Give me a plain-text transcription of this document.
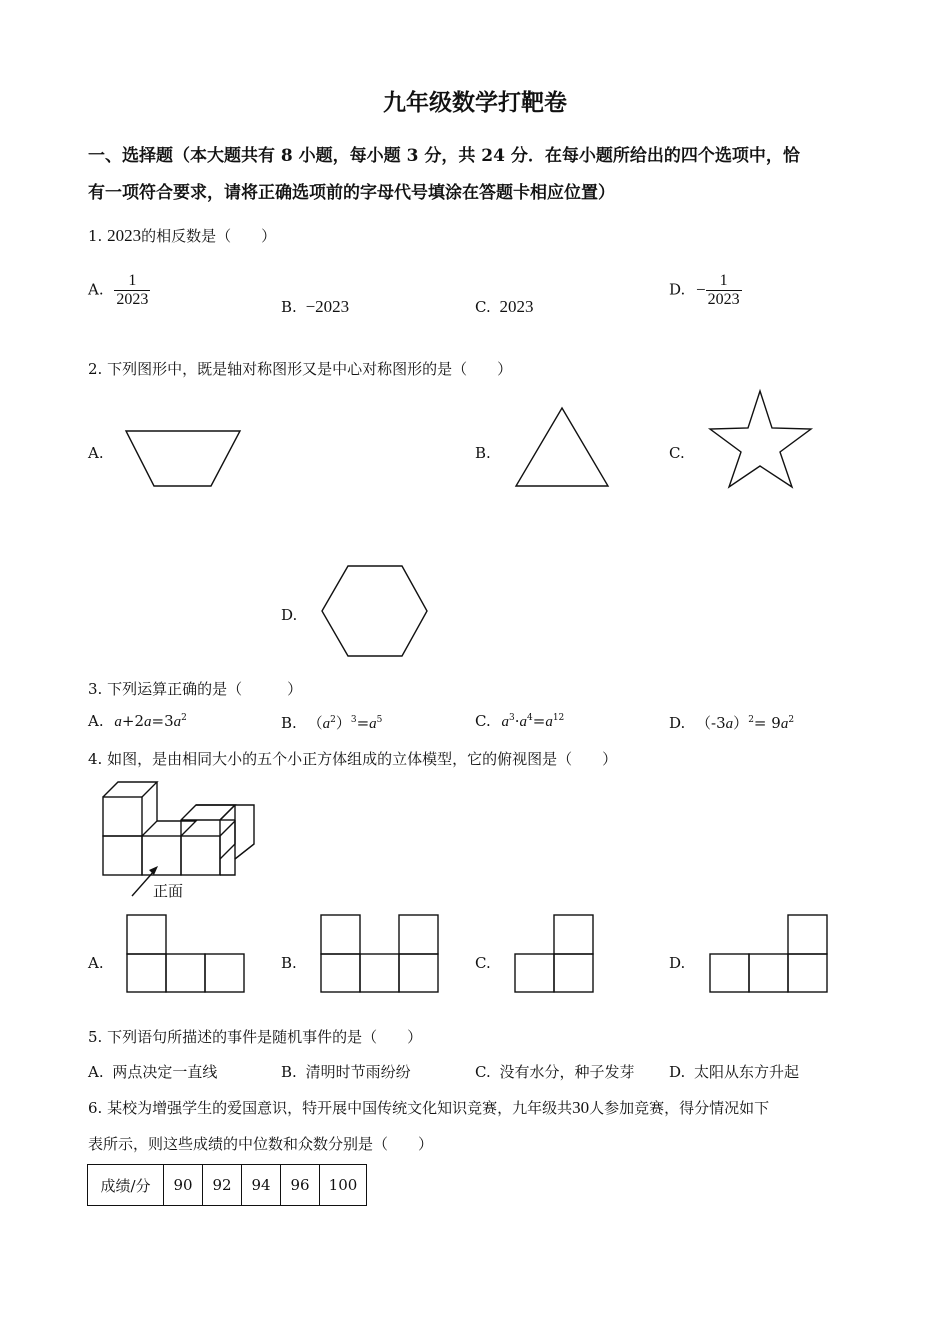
九年级数学打靶卷
一、选择题（本大题共有 8 小题，每小题 3 分，共 24 分．在每小题所给出的四个选项中，恰
有一项符合要求，请将正确选项前的字母代号填涂在答题卡相应位置）
1. 2023的相反数是（　　）
A. $\frac{1}{2023}$	B. −2023	C. 2023
D. − $\frac{1}{2023}$
2. 下列图形中，既是轴对称图形又是中心对称图形的是（　　）
A.	B.	C.
D.
3. 下列运算正确的是（　　　）
A. $a+2a=3a^2$	B. $(a^2)^3=a^5$	C. $a^3\cdot a^4=a^{12}$	D. $(-3a)^2= 9a^2$
4. 如图，是由相同大小的五个小正方体组成的立体模型，它的俯视图是（　　）
正面
A.	B.	C.	D.
5. 下列语句所描述的事件是随机事件的是（　　）
A. 两点决定一直线	B. 清明时节雨纷纷	C. 没有水分，种子发芽 D. 太阳从东方升起
6. 某校为增强学生的爱国意识，特开展中国传统文化知识竞赛，九年级共30人参加竞赛，得分情况如下
表所示，则这些成绩的中位数和众数分别是（　　）
成绩/分	90	92	94	96	100
